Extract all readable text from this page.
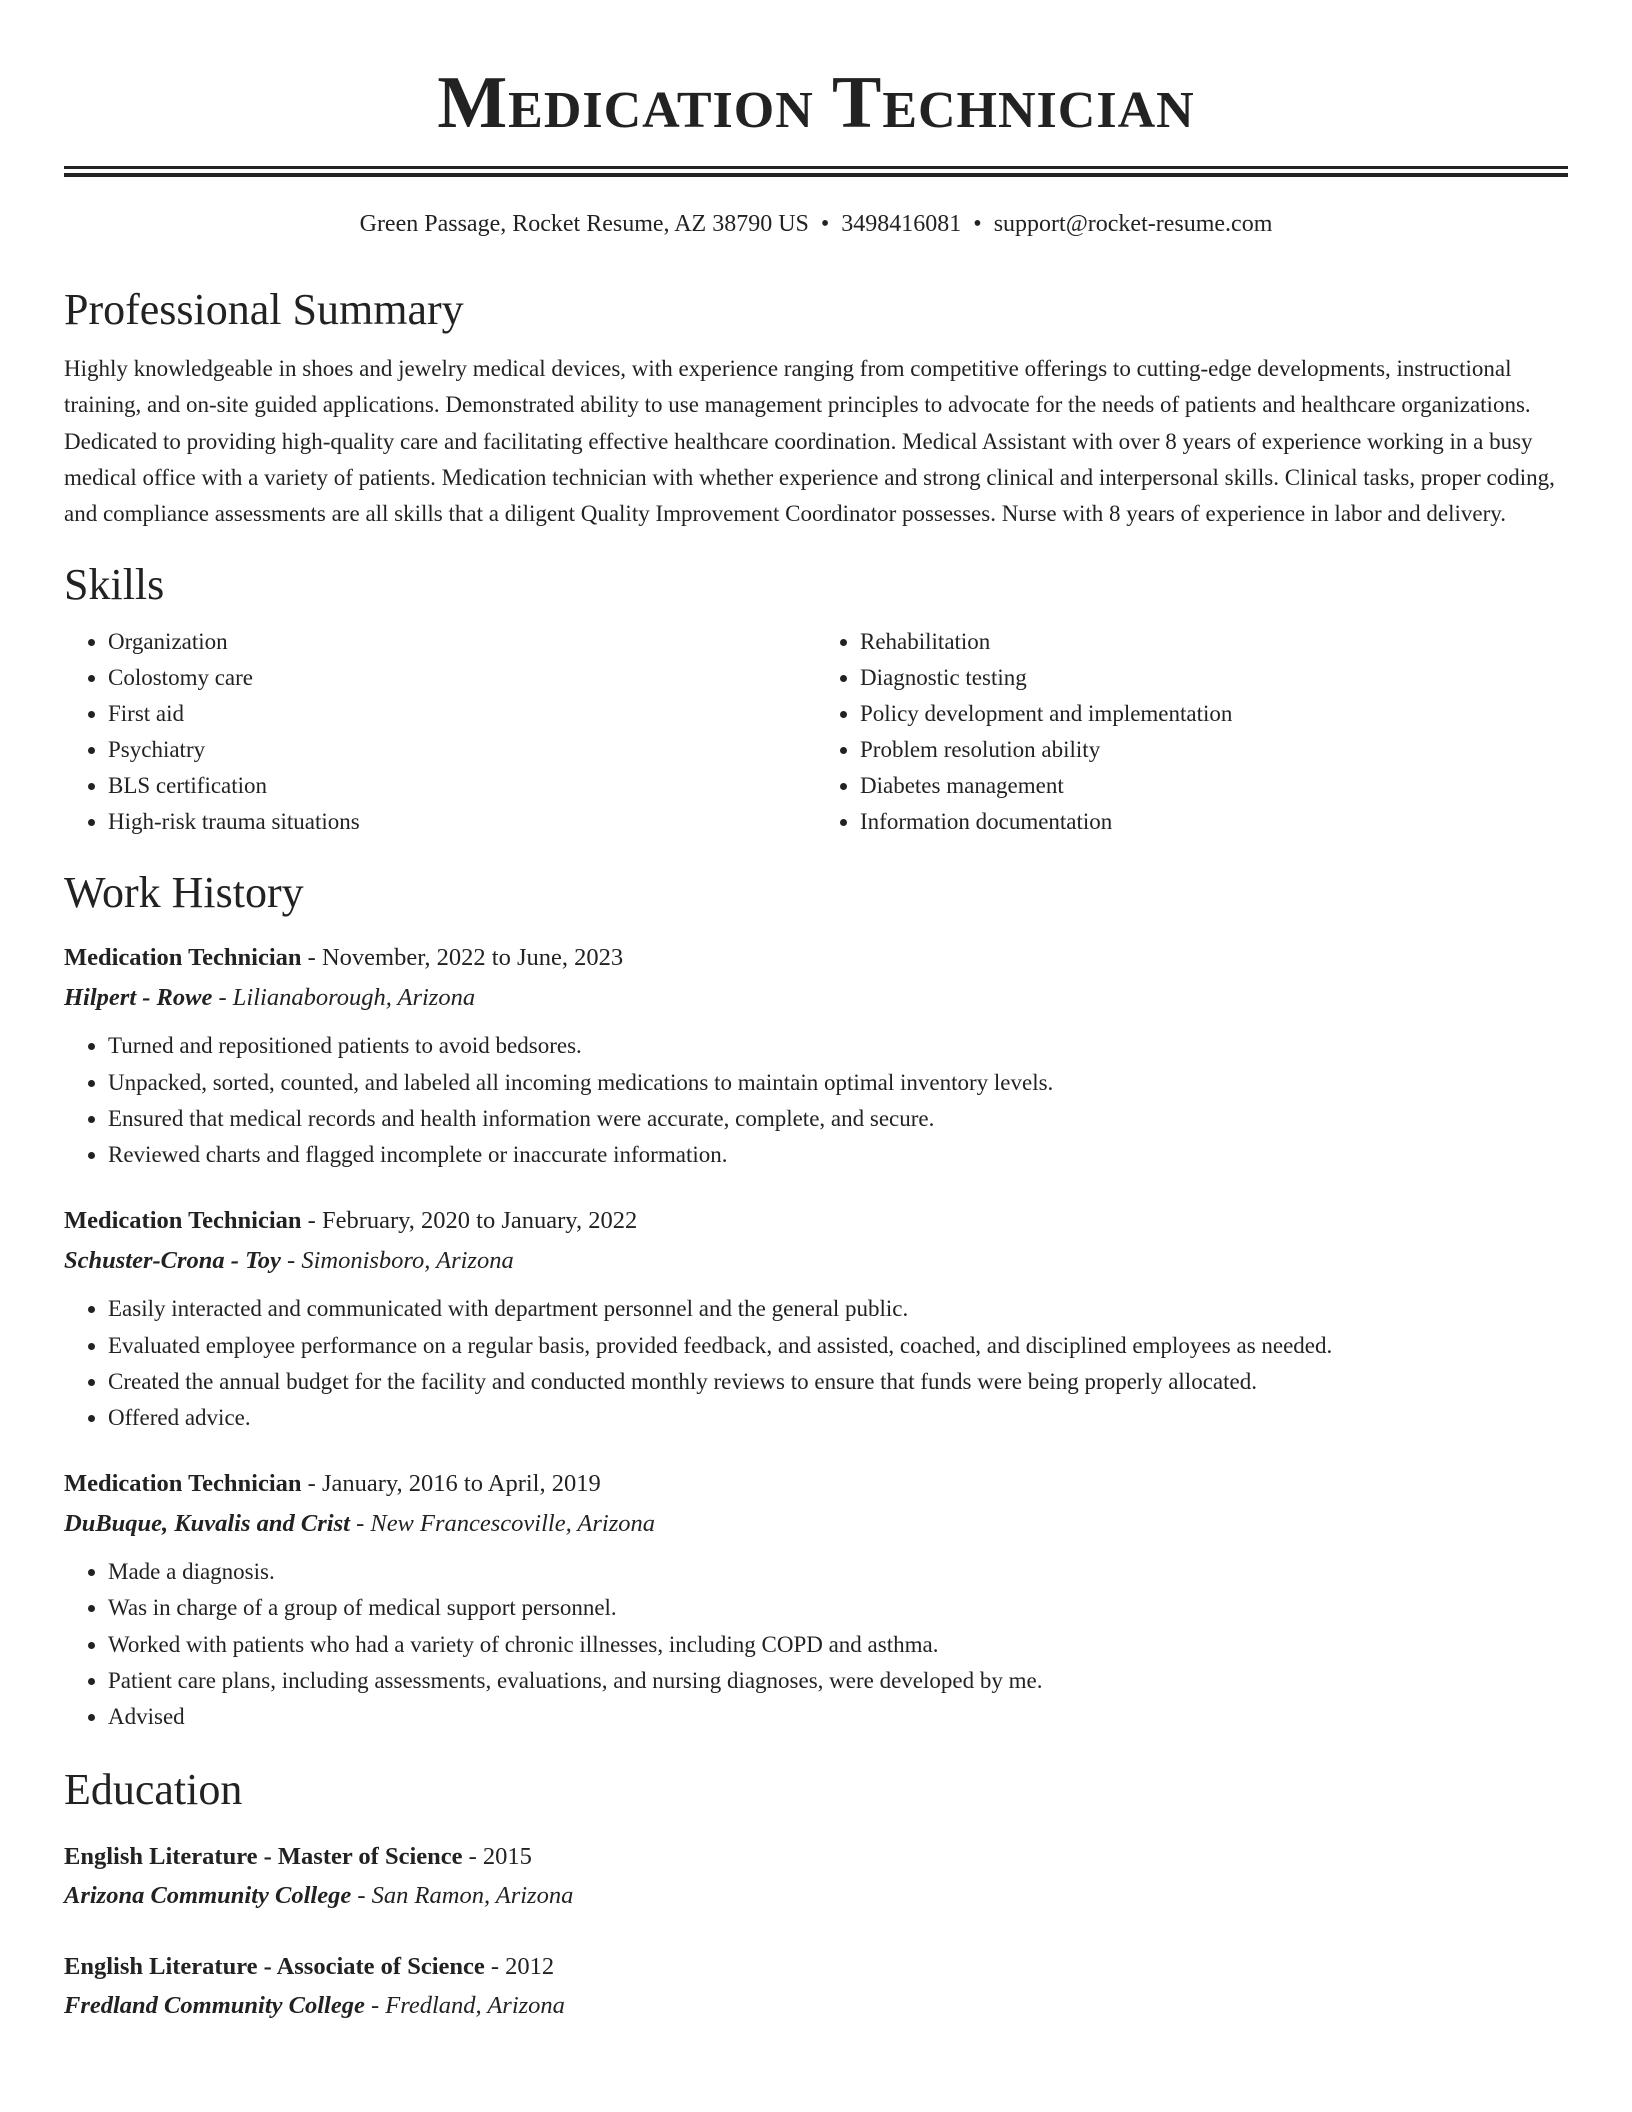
Medication Technician
Green Passage, Rocket Resume, AZ 38790 US • 3498416081 • support@rocket-resume.com
Professional Summary
Highly knowledgeable in shoes and jewelry medical devices, with experience ranging from competitive offerings to cutting-edge developments, instructional training, and on-site guided applications. Demonstrated ability to use management principles to advocate for the needs of patients and healthcare organizations. Dedicated to providing high-quality care and facilitating effective healthcare coordination. Medical Assistant with over 8 years of experience working in a busy medical office with a variety of patients. Medication technician with whether experience and strong clinical and interpersonal skills. Clinical tasks, proper coding, and compliance assessments are all skills that a diligent Quality Improvement Coordinator possesses. Nurse with 8 years of experience in labor and delivery.
Skills
• Organization
• Colostomy care
• First aid
• Psychiatry
• BLS certification
• High-risk trauma situations
• Rehabilitation
• Diagnostic testing
• Policy development and implementation
• Problem resolution ability
• Diabetes management
• Information documentation
Work History
Medication Technician - November, 2022 to June, 2023
Hilpert - Rowe - Lilianaborough, Arizona
• Turned and repositioned patients to avoid bedsores.
• Unpacked, sorted, counted, and labeled all incoming medications to maintain optimal inventory levels.
• Ensured that medical records and health information were accurate, complete, and secure.
• Reviewed charts and flagged incomplete or inaccurate information.
Medication Technician - February, 2020 to January, 2022
Schuster-Crona - Toy - Simonisboro, Arizona
• Easily interacted and communicated with department personnel and the general public.
• Evaluated employee performance on a regular basis, provided feedback, and assisted, coached, and disciplined employees as needed.
• Created the annual budget for the facility and conducted monthly reviews to ensure that funds were being properly allocated.
• Offered advice.
Medication Technician - January, 2016 to April, 2019
DuBuque, Kuvalis and Crist - New Francescoville, Arizona
• Made a diagnosis.
• Was in charge of a group of medical support personnel.
• Worked with patients who had a variety of chronic illnesses, including COPD and asthma.
• Patient care plans, including assessments, evaluations, and nursing diagnoses, were developed by me.
• Advised
Education
English Literature - Master of Science - 2015
Arizona Community College - San Ramon, Arizona
English Literature - Associate of Science - 2012
Fredland Community College - Fredland, Arizona
